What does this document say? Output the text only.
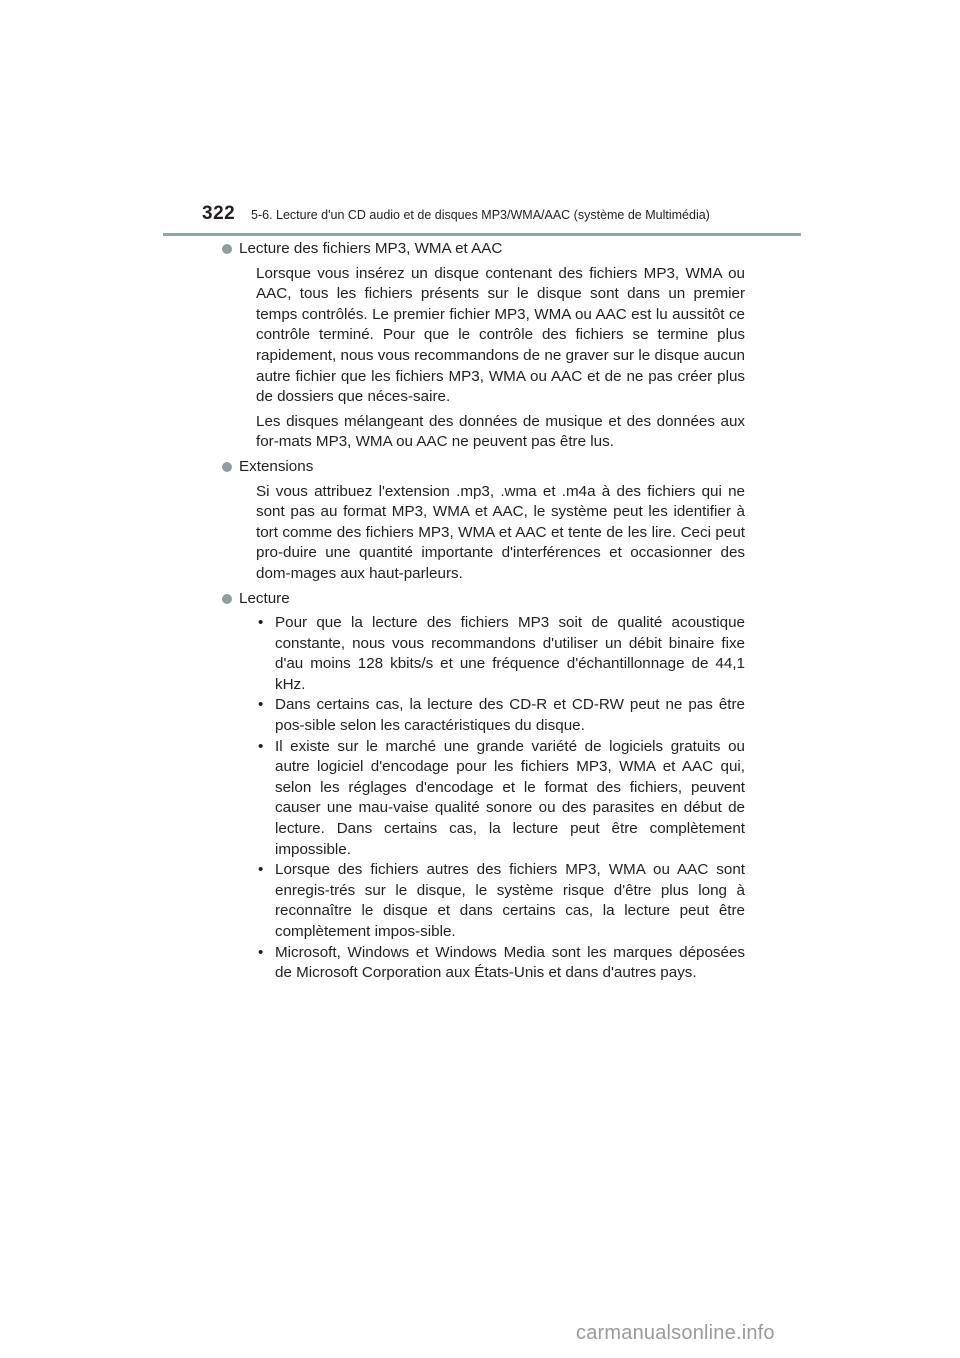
322 5-6. Lecture d'un CD audio et de disques MP3/WMA/AAC (système de Multimédia)
Lecture des fichiers MP3, WMA et AAC

Lorsque vous insérez un disque contenant des fichiers MP3, WMA ou AAC, tous les fichiers présents sur le disque sont dans un premier temps contrôlés. Le premier fichier MP3, WMA ou AAC est lu aussitôt ce contrôle terminé. Pour que le contrôle des fichiers se termine plus rapidement, nous vous recommandons de ne graver sur le disque aucun autre fichier que les fichiers MP3, WMA ou AAC et de ne pas créer plus de dossiers que néces-saire.

Les disques mélangeant des données de musique et des données aux for-mats MP3, WMA ou AAC ne peuvent pas être lus.

Extensions

Si vous attribuez l'extension .mp3, .wma et .m4a à des fichiers qui ne sont pas au format MP3, WMA et AAC, le système peut les identifier à tort comme des fichiers MP3, WMA et AAC et tente de les lire. Ceci peut pro-duire une quantité importante d'interférences et occasionner des dom-mages aux haut-parleurs.

Lecture
• Pour que la lecture des fichiers MP3 soit de qualité acoustique constante, nous vous recommandons d'utiliser un débit binaire fixe d'au moins 128 kbits/s et une fréquence d'échantillonnage de 44,1 kHz.
• Dans certains cas, la lecture des CD-R et CD-RW peut ne pas être pos-sible selon les caractéristiques du disque.
• Il existe sur le marché une grande variété de logiciels gratuits ou autre logiciel d'encodage pour les fichiers MP3, WMA et AAC qui, selon les réglages d'encodage et le format des fichiers, peuvent causer une mau-vaise qualité sonore ou des parasites en début de lecture. Dans certains cas, la lecture peut être complètement impossible.
• Lorsque des fichiers autres des fichiers MP3, WMA ou AAC sont enregis-trés sur le disque, le système risque d'être plus long à reconnaître le disque et dans certains cas, la lecture peut être complètement impos-sible.
• Microsoft, Windows et Windows Media sont les marques déposées de Microsoft Corporation aux États-Unis et dans d'autres pays.
carmanualsonline.info
